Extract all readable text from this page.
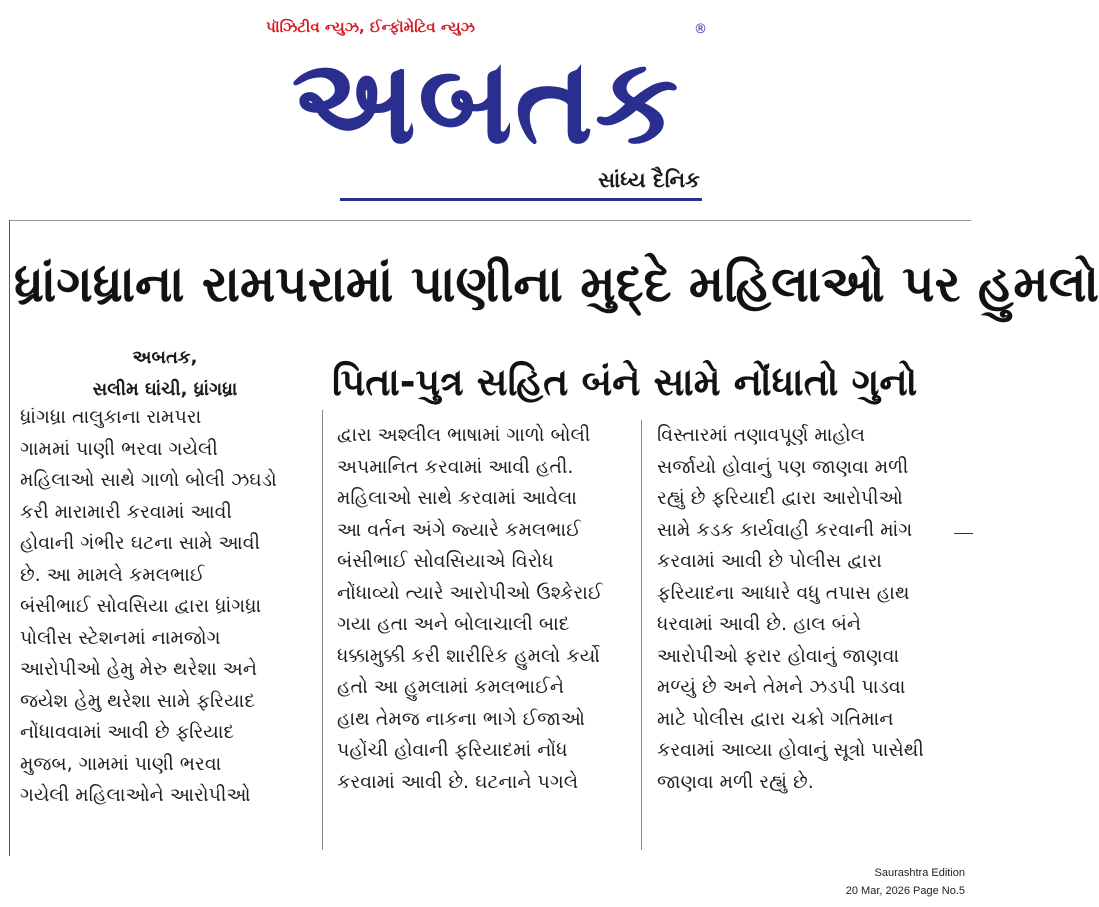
પૉઝિટીવ ન્યુઝ, ઈન્ફૉમેટિવ ન્યુઝ	®
અબતક
સાંધ્ય દૈનિક
ધ્રાંગધ્રાના રામપરામાં પાણીના મુદ્દે મહિલાઓ પર હુમલો
અબતક,
સલીમ ઘાંચી, ધ્રાંગધ્રા	પિતા-પુત્ર સહિત બંને સામે નોંધાતો ગુનો
ધ્રાંગધ્રા તાલુકાના રામપરા
ગામમાં પાણી ભરવા ગયેલી
મહિલાઓ સાથે ગાળો બોલી ઝઘડો
કરી મારામારી કરવામાં આવી
હોવાની ગંભીર ઘટના સામે આવી
છે. આ મામલે કમલભાઈ
બંસીભાઈ સોવસિયા દ્વારા ધ્રાંગધ્રા
પોલીસ સ્ટેશનમાં નામજોગ
આરોપીઓ હેમુ મેરુ થરેશા અને
જયેશ હેમુ થરેશા સામે ફરિયાદ
નોંધાવવામાં આવી છે ફરિયાદ
મુજબ, ગામમાં પાણી ભરવા
ગયેલી મહિલાઓને આરોપીઓ
દ્વારા અશ્લીલ ભાષામાં ગાળો બોલી
અપમાનિત કરવામાં આવી હતી.
મહિલાઓ સાથે કરવામાં આવેલા
આ વર્તન અંગે જ્યારે કમલભાઈ
બંસીભાઈ સોવસિયાએ વિરોધ
નોંધાવ્યો ત્યારે આરોપીઓ ઉશ્કેરાઈ
ગયા હતા અને બોલાચાલી બાદ
ધક્કામુક્કી કરી શારીરિક હુમલો કર્યો
હતો આ હુમલામાં કમલભાઈને
હાથ તેમજ નાકના ભાગે ઈજાઓ
પહોંચી હોવાની ફરિયાદમાં નોંધ
કરવામાં આવી છે. ઘટનાને પગલે
વિસ્તારમાં તણાવપૂર્ણ માહોલ
સર્જાયો હોવાનું પણ જાણવા મળી
રહ્યું છે ફરિયાદી દ્વારા આરોપીઓ
સામે કડક કાર્યવાહી કરવાની માંગ
કરવામાં આવી છે પોલીસ દ્વારા
ફરિયાદના આધારે વધુ તપાસ હાથ
ધરવામાં આવી છે. હાલ બંને
આરોપીઓ ફરાર હોવાનું જાણવા
મળ્યું છે અને તેમને ઝડપી પાડવા
માટે પોલીસ દ્વારા ચક્રો ગતિમાન
કરવામાં આવ્યા હોવાનું સૂત્રો પાસેથી
જાણવા મળી રહ્યું છે.
Saurashtra Edition
20 Mar, 2026 Page No.5
